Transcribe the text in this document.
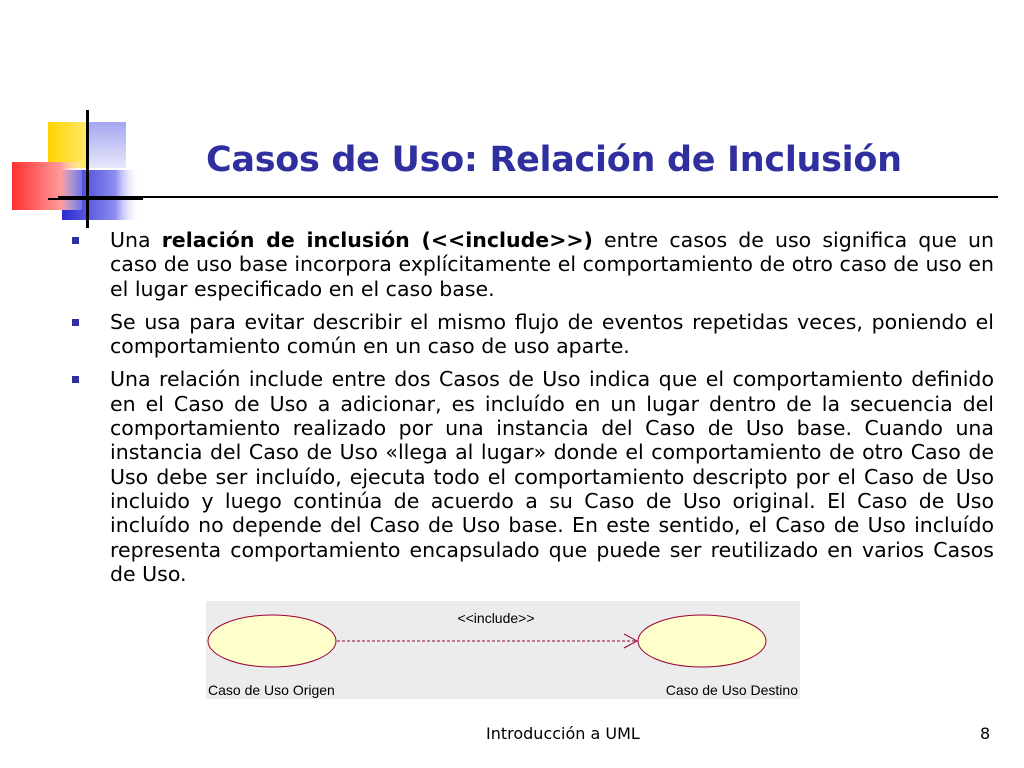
Casos de Uso: Relación de Inclusión
Una relación de inclusión (<<include>>) entre casos de uso significa que un caso de uso base incorpora explícitamente el comportamiento de otro caso de uso en el lugar especificado en el caso base.
Se usa para evitar describir el mismo flujo de eventos repetidas veces, poniendo el comportamiento común en un caso de uso aparte.
Una relación include entre dos Casos de Uso indica que el comportamiento definido en el Caso de Uso a adicionar, es incluído en un lugar dentro de la secuencia del comportamiento realizado por una instancia del Caso de Uso base. Cuando una instancia del Caso de Uso «llega al lugar» donde el comportamiento de otro Caso de Uso debe ser incluído, ejecuta todo el comportamiento descripto por el Caso de Uso incluido y luego continúa de acuerdo a su Caso de Uso original. El Caso de Uso incluído no depende del Caso de Uso base. En este sentido, el Caso de Uso incluído representa comportamiento encapsulado que puede ser reutilizado en varios Casos de Uso.
<<include>>
Caso de Uso Origen	Caso de Uso Destino
Introducción a UML	8
